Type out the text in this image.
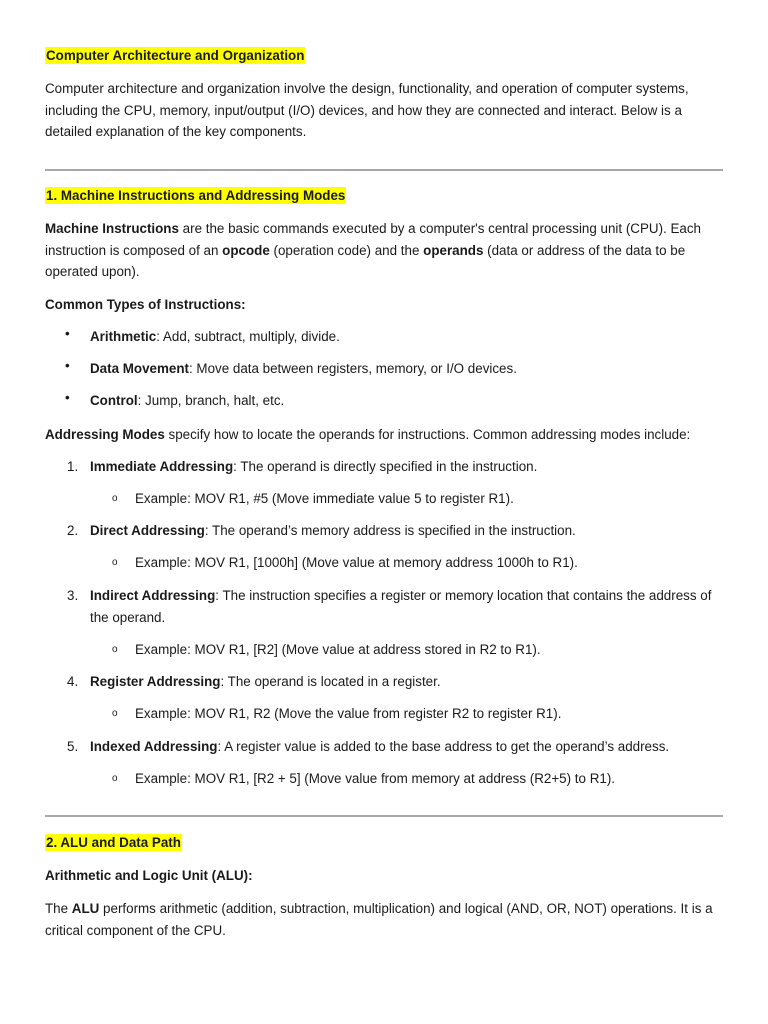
Computer Architecture and Organization

Computer architecture and organization involve the design, functionality, and operation of computer systems, including the CPU, memory, input/output (I/O) devices, and how they are connected and interact. Below is a detailed explanation of the key components.

1. Machine Instructions and Addressing Modes

Machine Instructions are the basic commands executed by a computer's central processing unit (CPU). Each instruction is composed of an opcode (operation code) and the operands (data or address of the data to be operated upon).

Common Types of Instructions:

• Arithmetic: Add, subtract, multiply, divide.
• Data Movement: Move data between registers, memory, or I/O devices.
• Control: Jump, branch, halt, etc.

Addressing Modes specify how to locate the operands for instructions. Common addressing modes include:

1. Immediate Addressing: The operand is directly specified in the instruction.
o Example: MOV R1, #5 (Move immediate value 5 to register R1).
2. Direct Addressing: The operand’s memory address is specified in the instruction.
o Example: MOV R1, [1000h] (Move value at memory address 1000h to R1).
3. Indirect Addressing: The instruction specifies a register or memory location that contains the address of the operand.
o Example: MOV R1, [R2] (Move value at address stored in R2 to R1).
4. Register Addressing: The operand is located in a register.
o Example: MOV R1, R2 (Move the value from register R2 to register R1).
5. Indexed Addressing: A register value is added to the base address to get the operand’s address.
o Example: MOV R1, [R2 + 5] (Move value from memory at address (R2+5) to R1).
2. ALU and Data Path

Arithmetic and Logic Unit (ALU):

The ALU performs arithmetic (addition, subtraction, multiplication) and logical (AND, OR, NOT) operations. It is a critical component of the CPU.
